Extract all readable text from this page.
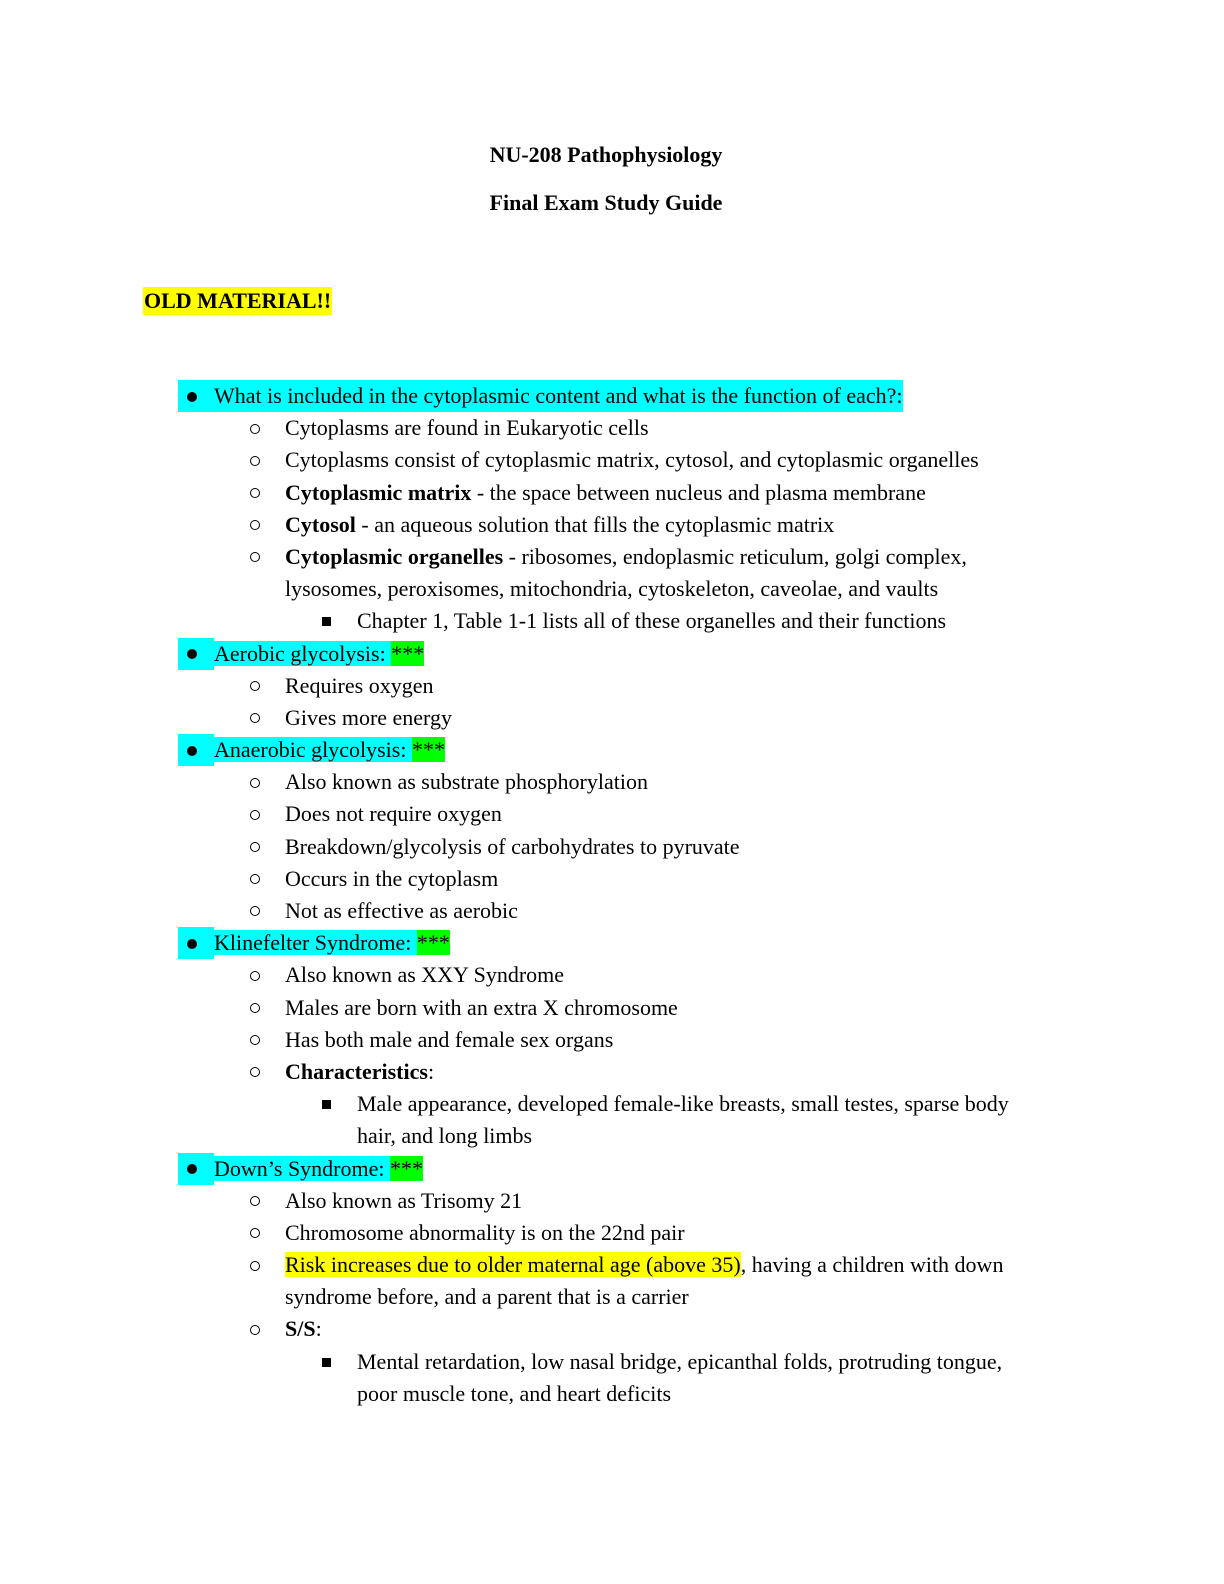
NU-208 Pathophysiology
Final Exam Study Guide
OLD MATERIAL!!
What is included in the cytoplasmic content and what is the function of each?:
Cytoplasms are found in Eukaryotic cells
Cytoplasms consist of cytoplasmic matrix, cytosol, and cytoplasmic organelles
Cytoplasmic matrix - the space between nucleus and plasma membrane
Cytosol - an aqueous solution that fills the cytoplasmic matrix
Cytoplasmic organelles - ribosomes, endoplasmic reticulum, golgi complex,
lysosomes, peroxisomes, mitochondria, cytoskeleton, caveolae, and vaults
Chapter 1, Table 1-1 lists all of these organelles and their functions
Aerobic glycolysis: ***
Requires oxygen
Gives more energy
Anaerobic glycolysis: ***
Also known as substrate phosphorylation
Does not require oxygen
Breakdown/glycolysis of carbohydrates to pyruvate
Occurs in the cytoplasm
Not as effective as aerobic
Klinefelter Syndrome: ***
Also known as XXY Syndrome
Males are born with an extra X chromosome
Has both male and female sex organs
Characteristics:
Male appearance, developed female-like breasts, small testes, sparse body
hair, and long limbs
Down’s Syndrome: ***
Also known as Trisomy 21
Chromosome abnormality is on the 22nd pair
Risk increases due to older maternal age (above 35), having a children with down
syndrome before, and a parent that is a carrier
S/S:
Mental retardation, low nasal bridge, epicanthal folds, protruding tongue,
poor muscle tone, and heart deficits
